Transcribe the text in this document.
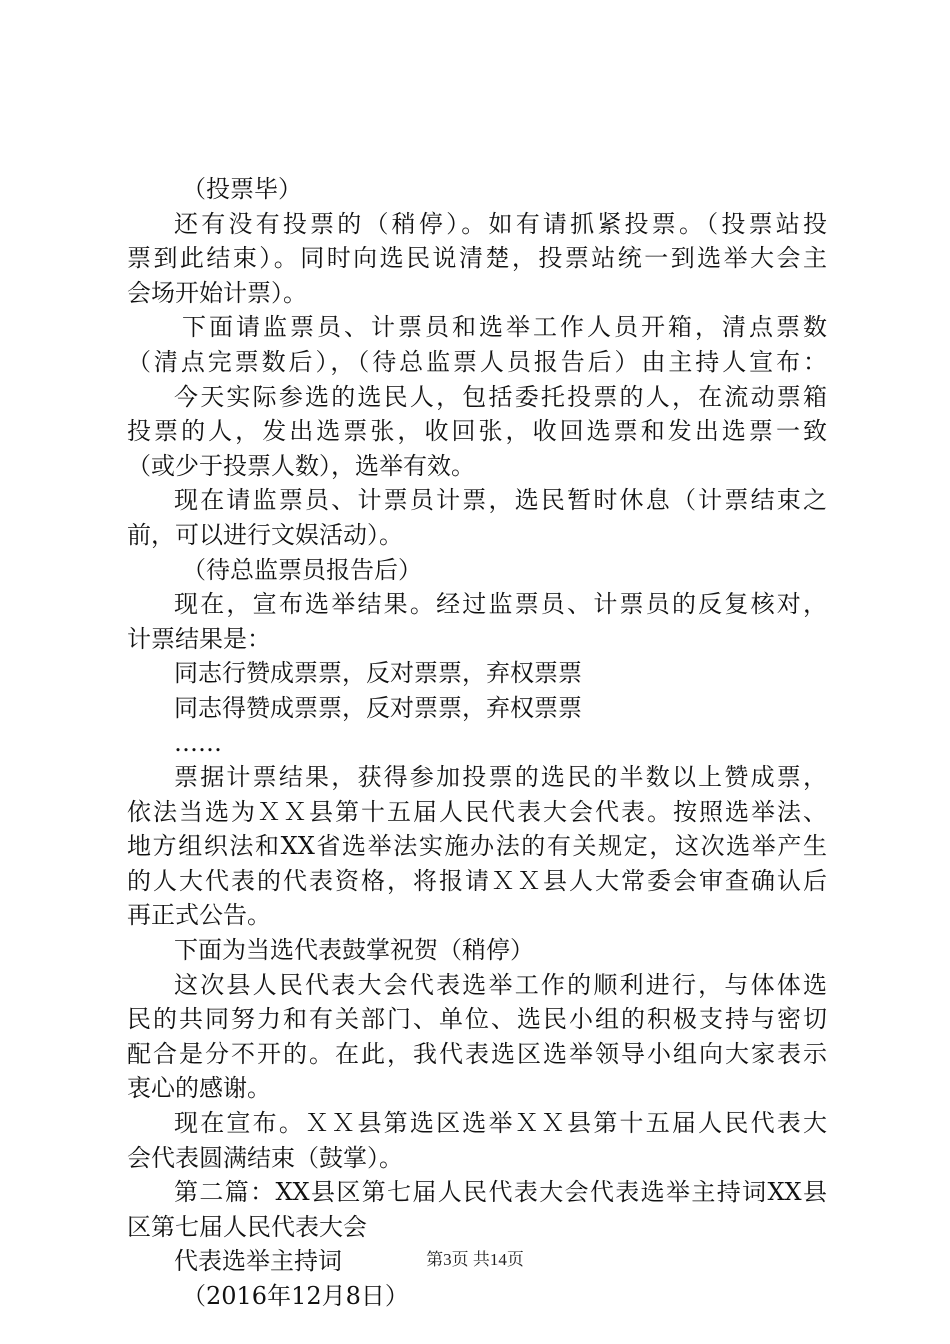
（投票毕）
还有没有投票的（稍停）。如有请抓紧投票。（投票站投
票到此结束）。同时向选民说清楚，投票站统一到选举大会主
会场开始计票）。
下面请监票员、计票员和选举工作人员开箱，清点票数
（清点完票数后），（待总监票人员报告后）由主持人宣布：
今天实际参选的选民人，包括委托投票的人，在流动票箱
投票的人，发出选票张，收回张，收回选票和发出选票一致
（或少于投票人数），选举有效。
现在请监票员、计票员计票，选民暂时休息（计票结束之
前，可以进行文娱活动）。
（待总监票员报告后）
现在，宣布选举结果。经过监票员、计票员的反复核对，
计票结果是：
同志行赞成票票，反对票票，弃权票票
同志得赞成票票，反对票票，弃权票票
……
票据计票结果，获得参加投票的选民的半数以上赞成票，
依法当选为ＸＸ县第十五届人民代表大会代表。按照选举法、
地方组织法和XX省选举法实施办法的有关规定，这次选举产生
的人大代表的代表资格，将报请ＸＸ县人大常委会审查确认后
再正式公告。
下面为当选代表鼓掌祝贺（稍停）
这次县人民代表大会代表选举工作的顺利进行，与体体选
民的共同努力和有关部门、单位、选民小组的积极支持与密切
配合是分不开的。在此，我代表选区选举领导小组向大家表示
衷心的感谢。
现在宣布。ＸＸ县第选区选举ＸＸ县第十五届人民代表大
会代表圆满结束（鼓掌）。
第二篇：XX县区第七届人民代表大会代表选举主持词XX县
区第七届人民代表大会
代表选举主持词
（2016年12月8日）
第3页 共14页
